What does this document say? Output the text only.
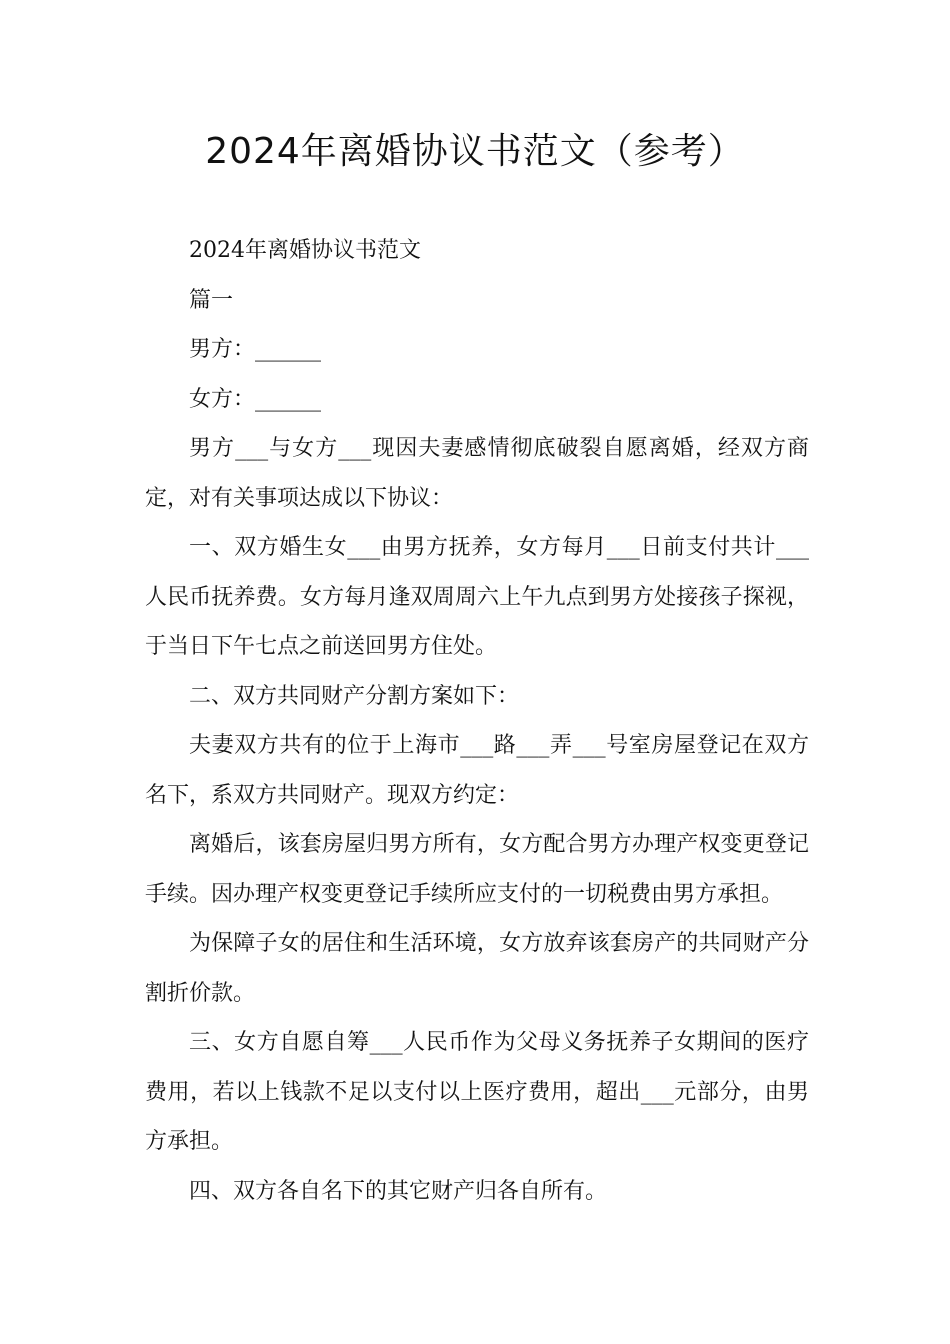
2024年离婚协议书范文（参考）

2024年离婚协议书范文

篇一

男方：______

女方：______

男方___与女方___现因夫妻感情彻底破裂自愿离婚，经双方商定，对有关事项达成以下协议：

一、双方婚生女___由男方抚养，女方每月___日前支付共计___人民币抚养费。女方每月逢双周周六上午九点到男方处接孩子探视，于当日下午七点之前送回男方住处。

二、双方共同财产分割方案如下：

夫妻双方共有的位于上海市___路___弄___号室房屋登记在双方名下，系双方共同财产。现双方约定：

离婚后，该套房屋归男方所有，女方配合男方办理产权变更登记手续。因办理产权变更登记手续所应支付的一切税费由男方承担。

为保障子女的居住和生活环境，女方放弃该套房产的共同财产分割折价款。

三、女方自愿自筹___人民币作为父母义务抚养子女期间的医疗费用，若以上钱款不足以支付以上医疗费用，超出___元部分，由男方承担。

四、双方各自名下的其它财产归各自所有。
